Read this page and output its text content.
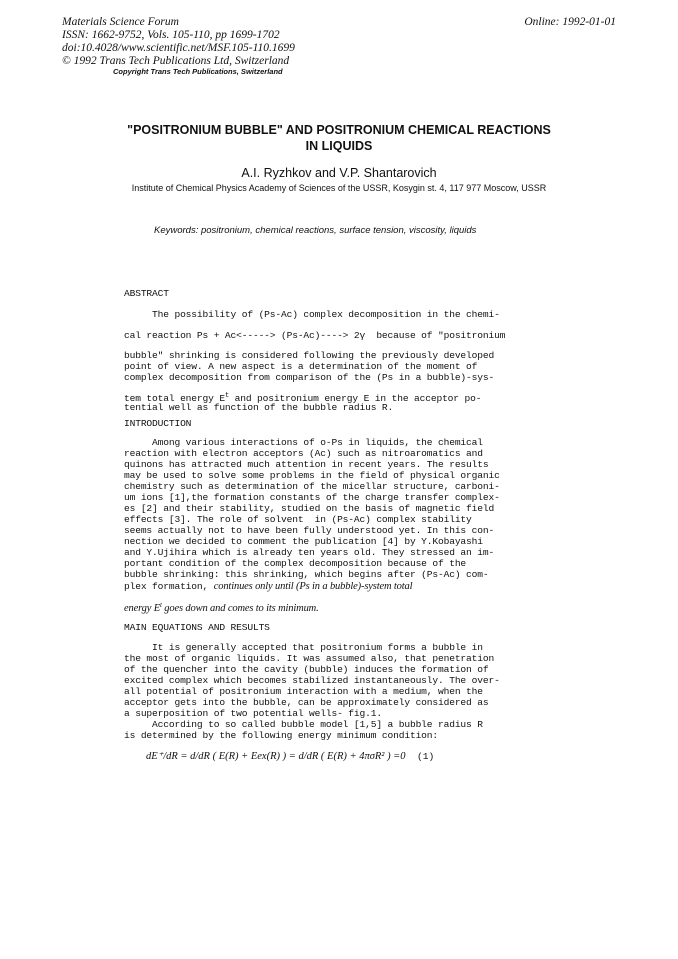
Materials Science Forum
ISSN: 1662-9752, Vols. 105-110, pp 1699-1702
doi:10.4028/www.scientific.net/MSF.105-110.1699
© 1992 Trans Tech Publications Ltd, Switzerland
Online: 1992-01-01
Copyright Trans Tech Publications, Switzerland
"POSITRONIUM BUBBLE" AND POSITRONIUM CHEMICAL REACTIONS
IN LIQUIDS
A.I. Ryzhkov and V.P. Shantarovich
Institute of Chemical Physics Academy of Sciences of the USSR, Kosygin st. 4, 117 977 Moscow, USSR
Keywords: positronium, chemical reactions, surface tension, viscosity, liquids
ABSTRACT
The possibility of (Ps-Ac) complex decomposition in the chemi-
cal reaction Ps + Ac<-----> (Ps-Ac)----> 2γ  because of "positronium
bubble" shrinking is considered following the previously developed
point of view. A new aspect is a determination of the moment of
complex decomposition from comparison of the (Ps in a bubble)-sys-
tem total energy $E^t$ and positronium energy E in the acceptor po-
tential well as function of the bubble radius R.
INTRODUCTION
Among various interactions of o-Ps in liquids, the chemical
reaction with electron acceptors (Ac) such as nitroaromatics and
quinons has attracted much attention in recent years. The results
may be used to solve some problems in the field of physical organic
chemistry such as determination of the micellar structure, carboni-
um ions [1],the formation constants of the charge transfer complex-
es [2] and their stability, studied on the basis of magnetic field
effects [3]. The role of solvent  in (Ps-Ac) complex stability
seems actually not to have been fully understood yet. In this con-
nection we decided to comment the publication [4] by Y.Kobayashi
and Y.Ujihira which is already ten years old. They stressed an im-
portant condition of the complex decomposition because of the
bubble shrinking: this shrinking, which begins after (Ps-Ac) com-
plex formation, continues only until (Ps in a bubble)-system total
energy $E^t$ goes down and comes to its minimum.
MAIN EQUATIONS AND RESULTS
It is generally accepted that positronium forms a bubble in
the most of organic liquids. It was assumed also, that penetration
of the quencher into the cavity (bubble) induces the formation of
excited complex which becomes stabilized instantaneously. The over-
all potential of positronium interaction with a medium, when the
acceptor gets into the bubble, can be approximately considered as
a superposition of two potential wells- fig.1.
According to so called bubble model [1,5] a bubble radius R
is determined by the following energy minimum condition:
dE⁺/dR = d/dR ( E(R) + Eex(R) ) = d/dR ( E(R) + 4πσR² ) =0 (1)
